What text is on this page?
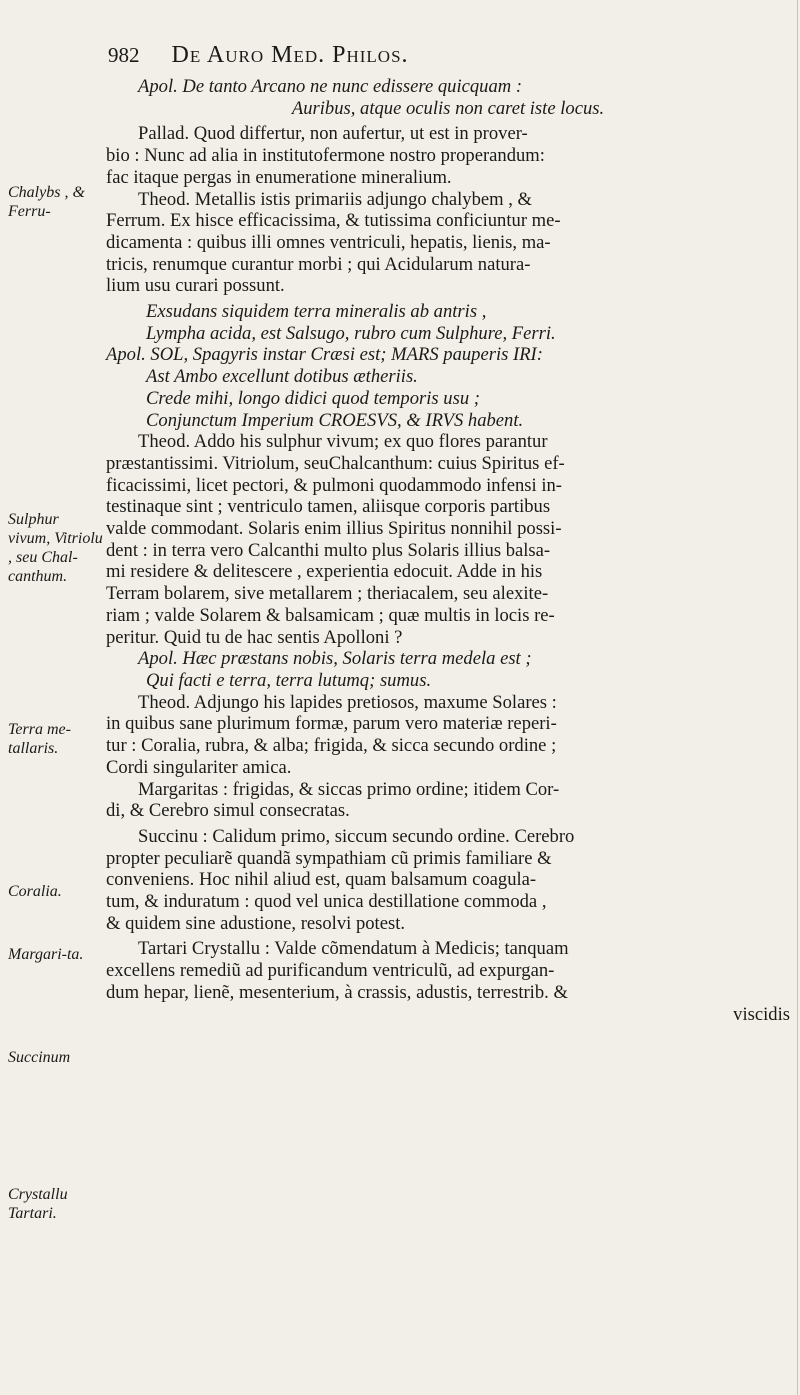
982 De Auro Med. Philos.
Chalybs , & Ferru-
Sulphur vivum, Vitriolu , seu Chal-canthum.
Terra me-tallaris.
Coralia.
Margari-ta.
Succinum
Crystallu Tartari.

Apol. De tanto Arcano ne nunc edissere quicquam :

Auribus, atque oculis non caret iste locus.

Pallad. Quod differtur, non aufertur, ut est in prover-

bio : Nunc ad alia in institutofermone nostro properandum:

fac itaque pergas in enumeratione mineralium.

Theod. Metallis istis primariis adjungo chalybem , &

Ferrum. Ex hisce efficacissima, & tutissima conficiuntur me-

dicamenta : quibus illi omnes ventriculi, hepatis, lienis, ma-

tricis, renumque curantur morbi ; qui Acidularum natura-

lium usu curari possunt.

Exsudans siquidem terra mineralis ab antris ,

Lympha acida, est Salsugo, rubro cum Sulphure, Ferri.

Apol. SOL, Spagyris instar Cræsi est; MARS pauperis IRI:

Ast Ambo excellunt dotibus ætheriis.

Crede mihi, longo didici quod temporis usu ;

Conjunctum Imperium CROESVS, & IRVS habent.

Theod. Addo his sulphur vivum; ex quo flores parantur

præstantissimi. Vitriolum, seuChalcanthum: cuius Spiritus ef-

ficacissimi, licet pectori, & pulmoni quodammodo infensi in-

testinaque sint ; ventriculo tamen, aliisque corporis partibus

valde commodant. Solaris enim illius Spiritus nonnihil possi-

dent : in terra vero Calcanthi multo plus Solaris illius balsa-

mi residere & delitescere , experientia edocuit. Adde in his

Terram bolarem, sive metallarem ; theriacalem, seu alexite-

riam ; valde Solarem & balsamicam ; quæ multis in locis re-

peritur. Quid tu de hac sentis Apolloni ?

Apol. Hæc præstans nobis, Solaris terra medela est ;

Qui facti e terra, terra lutumq; sumus.

Theod. Adjungo his lapides pretiosos, maxume Solares :

in quibus sane plurimum formæ, parum vero materiæ reperi-

tur : Coralia, rubra, & alba; frigida, & sicca secundo ordine ;

Cordi singulariter amica.

Margaritas : frigidas, & siccas primo ordine; itidem Cor-

di, & Cerebro simul consecratas.

Succinu : Calidum primo, siccum secundo ordine. Cerebro

propter peculiarẽ quandã sympathiam cũ primis familiare &

conveniens. Hoc nihil aliud est, quam balsamum coagula-

tum, & induratum : quod vel unica destillatione commoda ,

& quidem sine adustione, resolvi potest.

Tartari Crystallu : Valde cõmendatum à Medicis; tanquam

excellens remediũ ad purificandum ventriculũ, ad expurgan-

dum hepar, lienẽ, mesenterium, à crassis, adustis, terrestrib. &

viscidis
